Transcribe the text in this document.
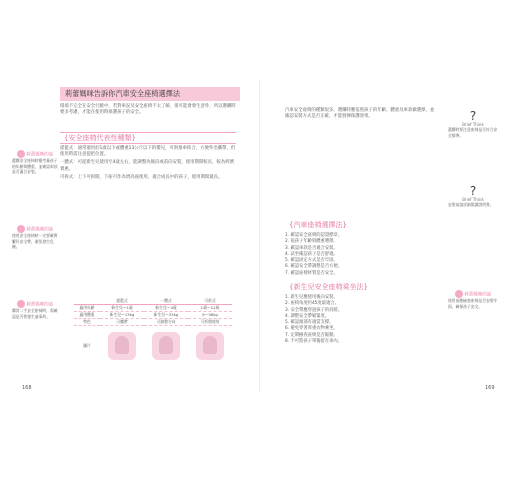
莉蕾媽咪告訴你汽車安全座椅選擇法
環境不完全在安全行駛中，若對車況及安全座椅不太了解，很可能會發生意外，所以選購時要多考慮，才能在使用時保護孩子的安全。
{安全座椅代表性種類}
提籃式：通常適用於1歲以下或體重13公斤以下的嬰兒，可與推車結合，方便外出攜帶，但使用時需注意提把位置。
一體式：可從新生兒使用至4歲左右，能調整為後向或前向安裝，使用期間較長，較為經濟實惠。
可拆式：上下可拆開，下座可作為增高座使用，適合成長中的孩子，使用期間最長。
	提籃式	一體式	可拆式
適用年齡	新生兒～1歲	新生兒～4歲	1歲～12歲
適用體重	新生兒～13kg	新生兒～25kg	9～36kg
特色	可攜帶	可調整方向	可拆開使用
圖片	

莉蕾媽咪的話
選購安全座椅時應考量孩子的年齡與體重，並確認車款是否適合安裝。
莉蕾媽咪的話
使用安全座椅時一定要確實繫好安全帶，避免發生危險。
莉蕾媽咪的話
購買二手安全座椅時，需確認是否曾發生過事故。
168
汽車安全座椅的種類很多，選購時應依照孩子的年齡、體重及車款做選擇，並確認安裝方式是否正確，才能發揮保護效果。
{汽車座椅選擇法}
1. 確認安全座椅的認證標章。
2. 依孩子年齡與體重選擇。
3. 確認車款是否適合安裝。
4. 試坐確認孩子是否舒適。
5. 確認固定方式是否牢固。
6. 確認安全帶調整是否方便。
7. 確認座椅材質是否安全。
{新生兒安全座椅乘坐法}
1. 新生兒應使用後向安裝。
2. 座椅角度約45度最適合。
3. 安全帶應穿過孩子的肩膀。
4. 調整安全帶鬆緊度。
5. 確認頭部有適當支撐。
6. 避免穿著厚重衣物乘坐。
7. 定期檢查座椅是否鬆動。
8. 不可將孩子單獨留在車內。
?
Brief Think
選購時要注意座椅是否符合安全標準。
?
Brief Think
安裝前請詳細閱讀說明書。
莉蕾媽咪的話
使用前應檢查座椅是否安裝牢固，確保孩子安全。
169
